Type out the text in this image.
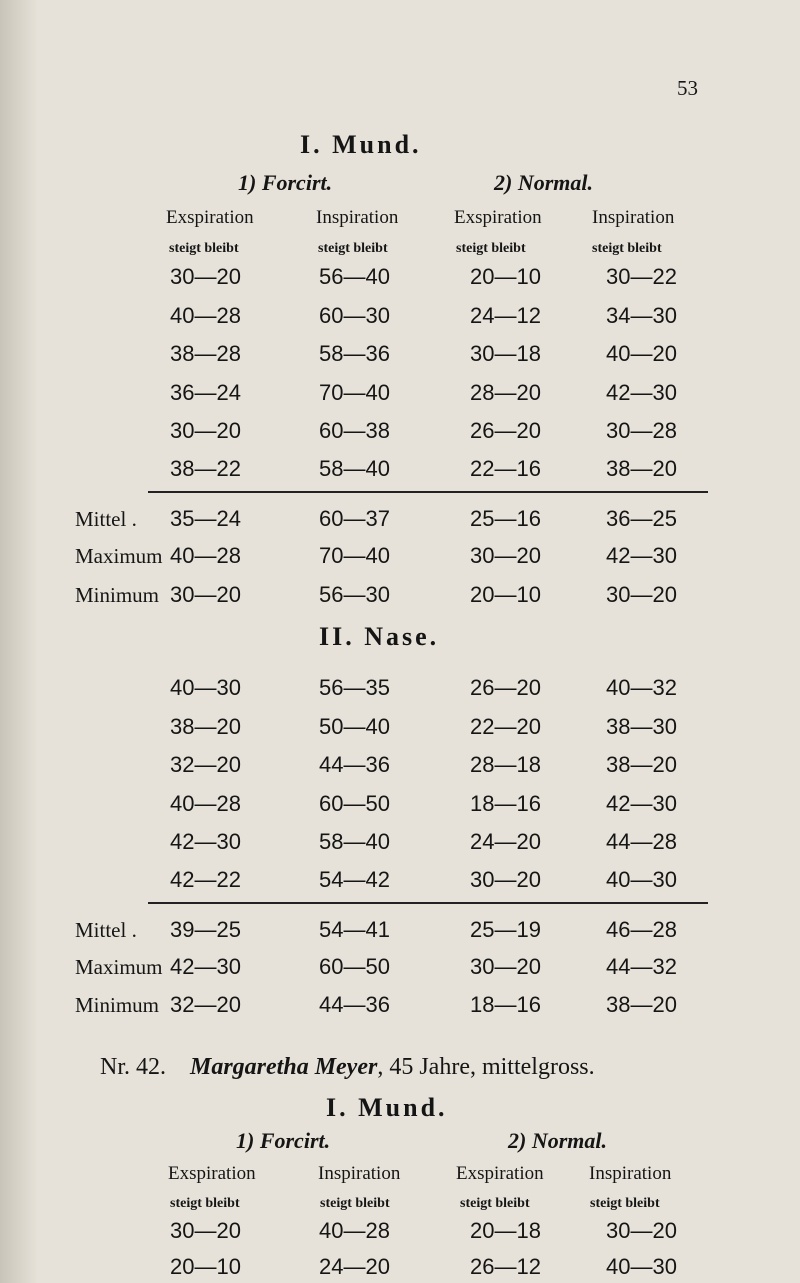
53
I. Mund.
1) Forcirt.	2) Normal.
Exspiration	Inspiration	Exspiration	Inspiration
steigt bleibt	steigt bleibt	steigt bleibt	steigt bleibt
30—20	56—40	20—10	30—22
40—28	60—30	24—12	34—30
38—28	58—36	30—18	40—20
36—24	70—40	28—20	42—30
30—20	60—38	26—20	30—28
38—22	58—40	22—16	38—20
Mittel . 35—24	60—37	25—16	36—25
Maximum 40—28	70—40	30—20	42—30
Minimum 30—20	56—30	20—10	30—20
II. Nase.
40—30	56—35	26—20	40—32
38—20	50—40	22—20	38—30
32—20	44—36	28—18	38—20
40—28	60—50	18—16	42—30
42—30	58—40	24—20	44—28
42—22	54—42	30—20	40—30
Mittel . 39—25	54—41	25—19	46—28
Maximum 42—30	60—50	30—20	44—32
Minimum 32—20	44—36	18—16	38—20
Nr. 42. Margaretha Meyer, 45 Jahre, mittelgross.
I. Mund.
1) Forcirt.	2) Normal.
Exspiration	Inspiration	Exspiration Inspiration
steigt bleibt	steigt bleibt	steigt bleibt	steigt bleibt
30—20	40—28	20—18	30—20
20—10	24—20	26—12	40—30
